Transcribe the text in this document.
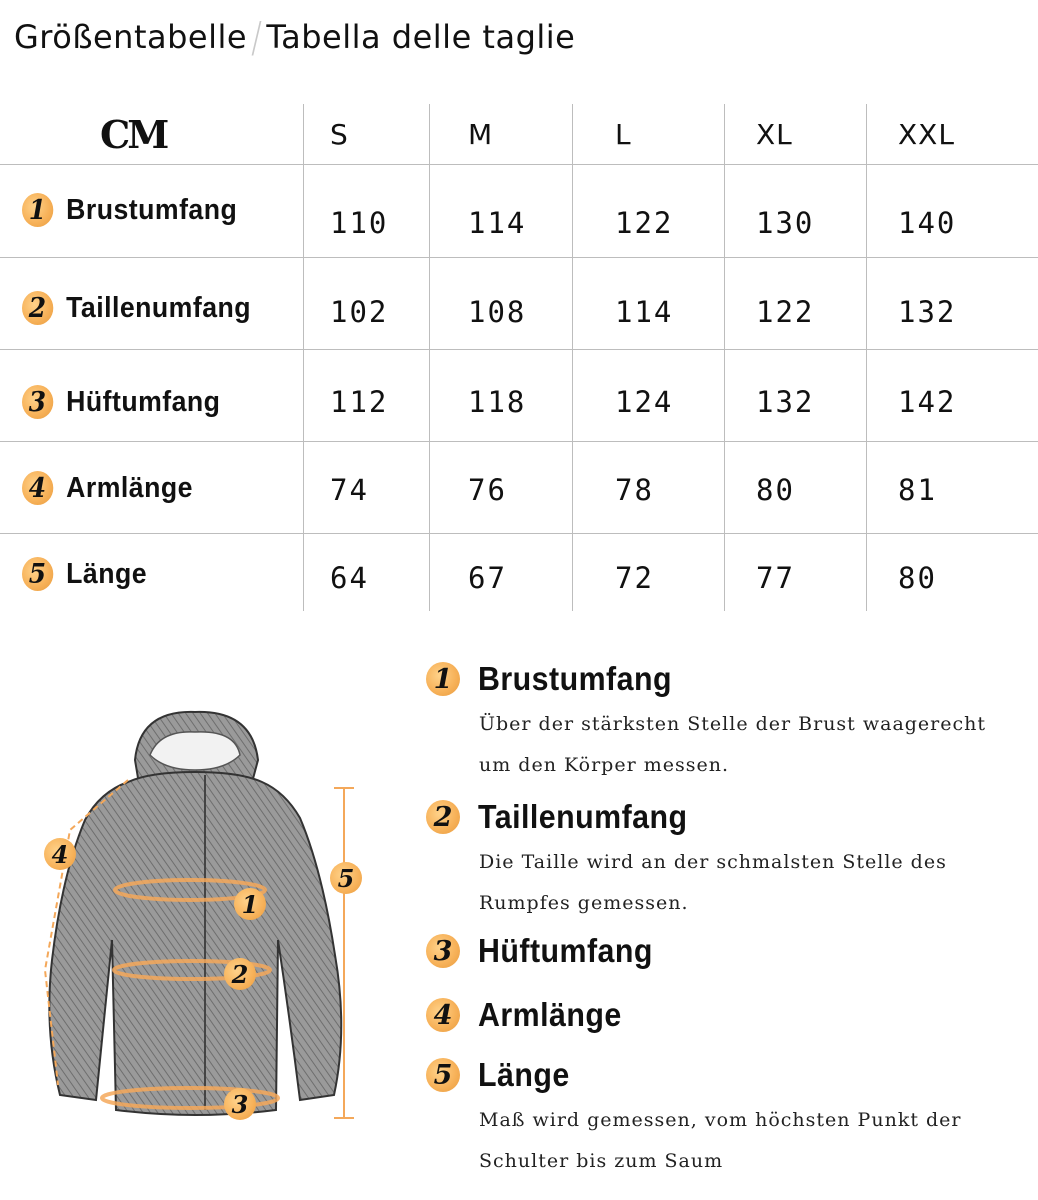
Größentabelle / Tabella delle taglie
CM	S	M	L	XL	XXL
1 Brustumfang	110	114	122	130	140
2 Taillenumfang	102	108	114	122	132
3 Hüftumfang	112	118	124	132	142
4 Armlänge	74	76	78	80	81
5 Länge	64	67	72	77	80
1
2
3
4
5
1 Brustumfang
Über der stärksten Stelle der Brust waagerecht um den Körper messen.
2 Taillenumfang
Die Taille wird an der schmalsten Stelle des Rumpfes gemessen.
3 Hüftumfang
4 Armlänge
5 Länge
Maß wird gemessen, vom höchsten Punkt der Schulter bis zum Saum
